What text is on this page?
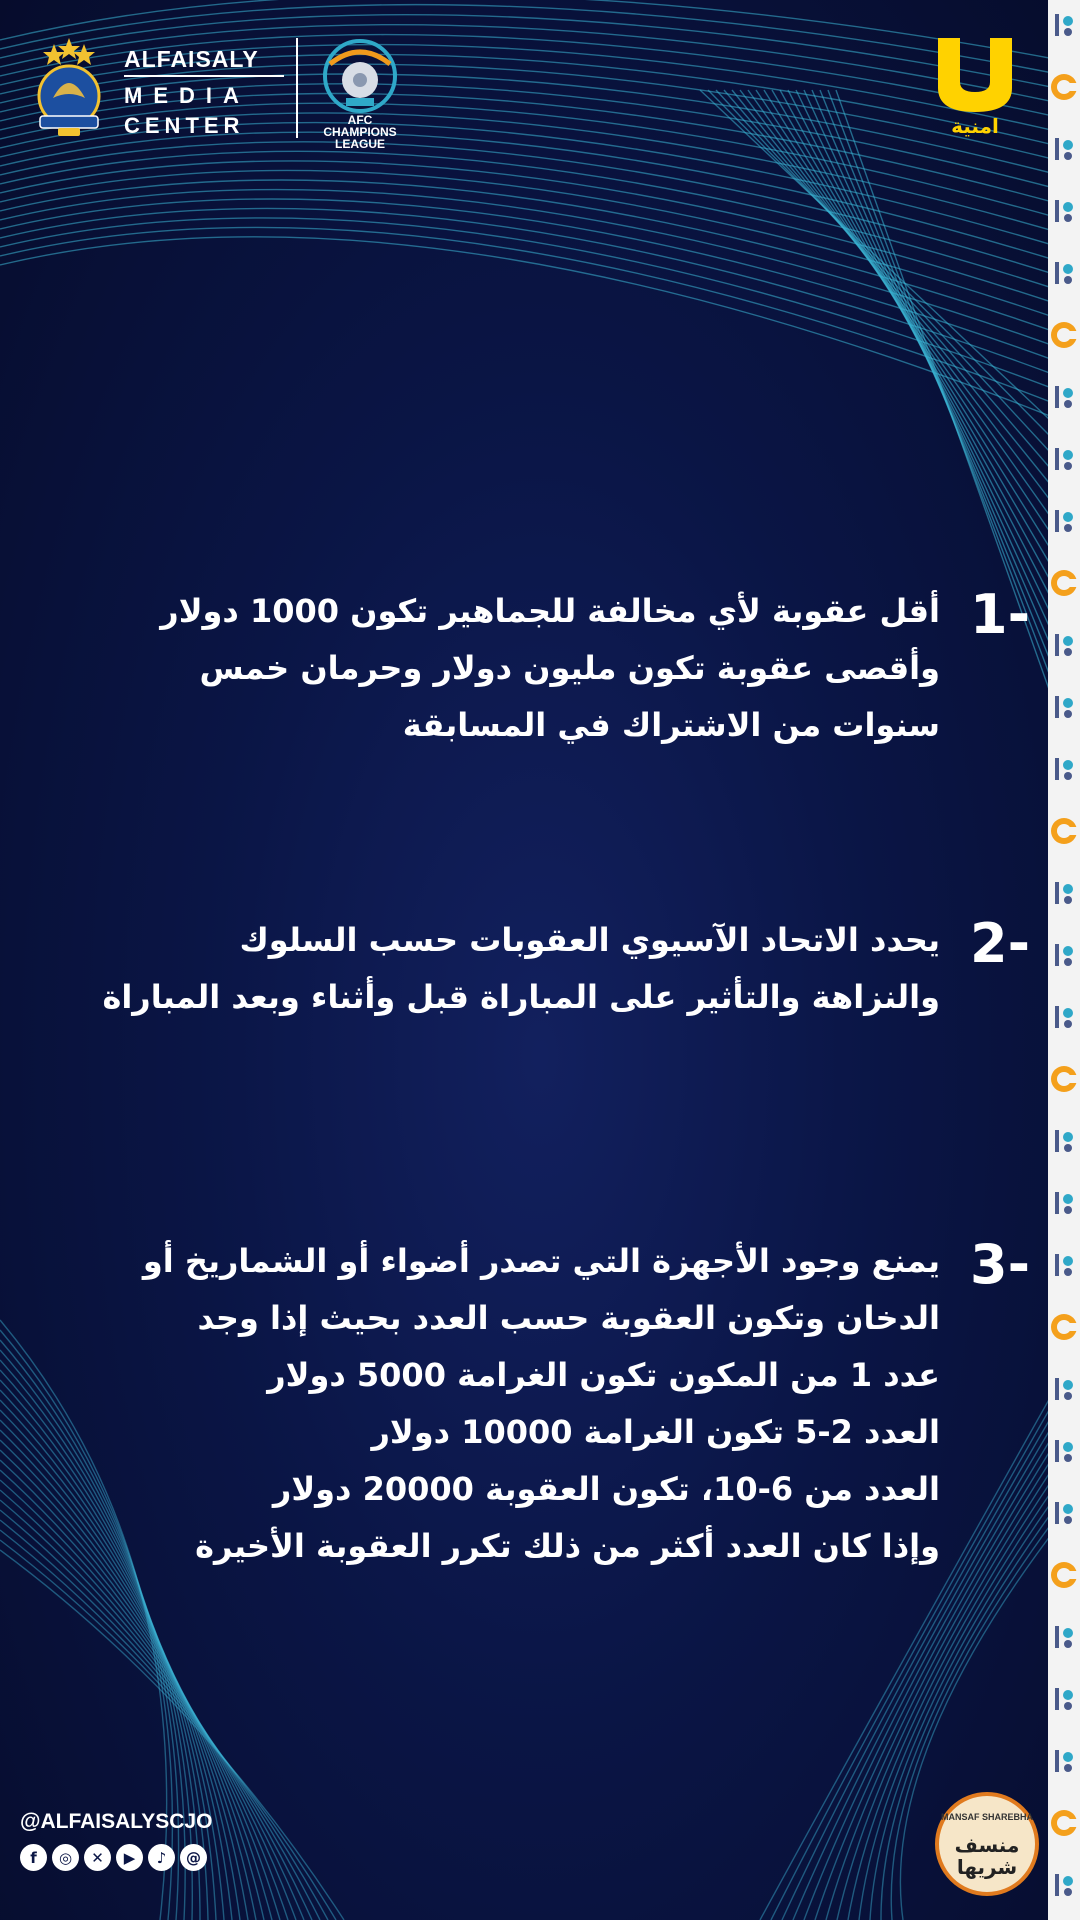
ALFAISALY
MEDIA
CENTER	AFC
CHAMPIONS
LEAGUE
امنية
1-
أقل عقوبة لأي مخالفة للجماهير تكون 1000 دولار
وأقصى عقوبة تكون مليون دولار وحرمان خمس
سنوات من الاشتراك في المسابقة
2-
يحدد الاتحاد الآسيوي العقوبات حسب السلوك
والنزاهة والتأثير على المباراة قبل وأثناء وبعد المباراة
3-
يمنع وجود الأجهزة التي تصدر أضواء أو الشماريخ أو
الدخان وتكون العقوبة حسب العدد بحيث إذا وجد
عدد 1 من المكون تكون الغرامة 5000 دولار
العدد 2-5 تكون الغرامة 10000 دولار
العدد من 6-10، تكون العقوبة 20000 دولار
وإذا كان العدد أكثر من ذلك تكرر العقوبة الأخيرة
@ALFAISALYSCJO
f	◎	✕	▶	♪	@
MANSAF SHAREBHA
منسف شريها
